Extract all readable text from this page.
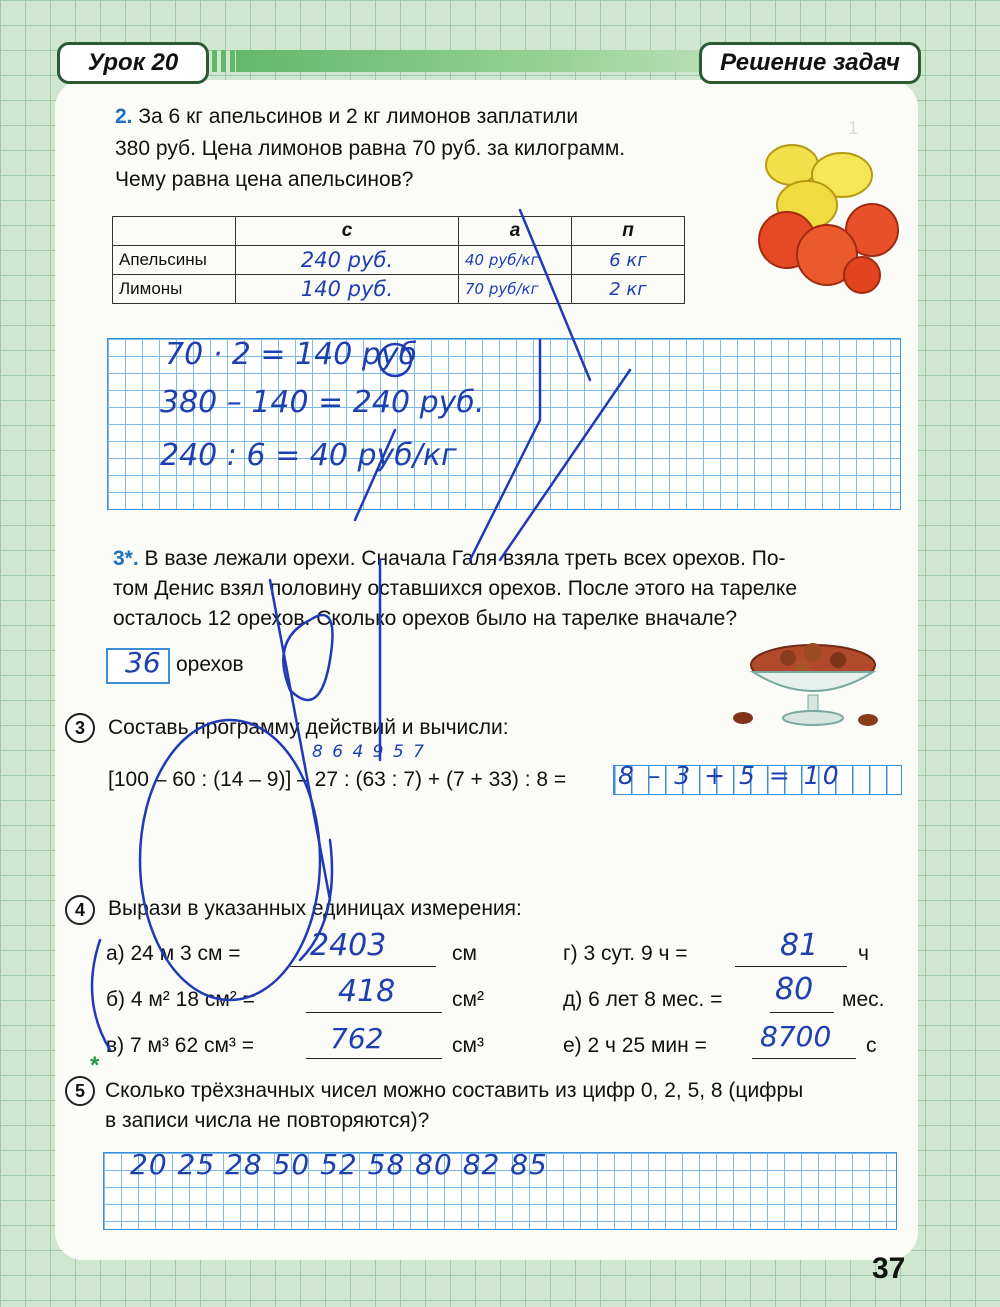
1
Урок 20	Решение задач
2. За 6 кг апельсинов и 2 кг лимонов заплатили
380 руб. Цена лимонов равна 70 руб. за килограмм.
Чему равна цена апельсинов?
	с	а	п
Апельсины	240 руб.	40 руб/кг	6 кг
Лимоны	140 руб.	70 руб/кг	2 кг
70 · 2 = 140 руб
380 – 140 = 240 руб.
240 : 6 = 40 руб/кг
3*. В вазе лежали орехи. Сначала Галя взяла треть всех орехов. По-
том Денис взял половину оставшихся орехов. После этого на тарелке
осталось 12 орехов. Сколько орехов было на тарелке вначале?
36 орехов
3	Составь программу действий и вычисли:
8 6 4 9 5 7
[100 – 60 : (14 – 9)] – 27 : (63 : 7) + (7 + 33) : 8 = 8 – 3 + 5 = 10
4	Вырази в указанных единицах измерения:
а) 24 м 3 см = 2403	см
б) 4 м² 18 см² =	418	см²
в) 7 м³ 62 см³ =	762	см³
г) 3 сут. 9 ч =	81 ч
д) 6 лет 8 мес. = 80 мес.
е) 2 ч 25 мин = 8700 с
5
*
Сколько трёхзначных чисел можно составить из цифр 0, 2, 5, 8 (цифры
в записи числа не повторяются)?
20 25 28 50 52 58 80 82 85
37
